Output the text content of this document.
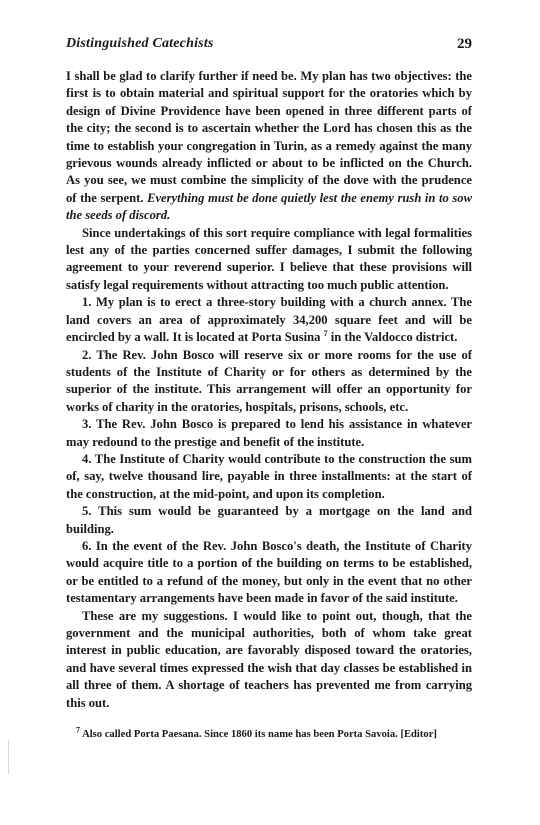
Distinguished Catechists	29

I shall be glad to clarify further if need be. My plan has two objectives: the first is to obtain material and spiritual support for the oratories which by design of Divine Providence have been opened in three different parts of the city; the second is to ascertain whether the Lord has chosen this as the time to establish your congregation in Turin, as a remedy against the many grievous wounds already inflicted or about to be inflicted on the Church. As you see, we must combine the simplicity of the dove with the prudence of the serpent. Everything must be done quietly lest the enemy rush in to sow the seeds of discord.

Since undertakings of this sort require compliance with legal formalities lest any of the parties concerned suffer damages, I submit the following agreement to your reverend superior. I believe that these provisions will satisfy legal requirements without attracting too much public attention.

1. My plan is to erect a three-story building with a church annex. The land covers an area of approximately 34,200 square feet and will be encircled by a wall. It is located at Porta Susina $^7$ in the Valdocco district.

2. The Rev. John Bosco will reserve six or more rooms for the use of students of the Institute of Charity or for others as determined by the superior of the institute. This arrangement will offer an opportunity for works of charity in the oratories, hospitals, prisons, schools, etc.

3. The Rev. John Bosco is prepared to lend his assistance in whatever may redound to the prestige and benefit of the institute.

4. The Institute of Charity would contribute to the construction the sum of, say, twelve thousand lire, payable in three installments: at the start of the construction, at the mid-point, and upon its completion.

5. This sum would be guaranteed by a mortgage on the land and building.

6. In the event of the Rev. John Bosco's death, the Institute of Charity would acquire title to a portion of the building on terms to be established, or be entitled to a refund of the money, but only in the event that no other testamentary arrangements have been made in favor of the said institute.

These are my suggestions. I would like to point out, though, that the government and the municipal authorities, both of whom take great interest in public education, are favorably disposed toward the oratories, and have several times expressed the wish that day classes be established in all three of them. A shortage of teachers has prevented me from carrying this out.

$^7$ Also called Porta Paesana. Since 1860 its name has been Porta Savoia. [Editor]
